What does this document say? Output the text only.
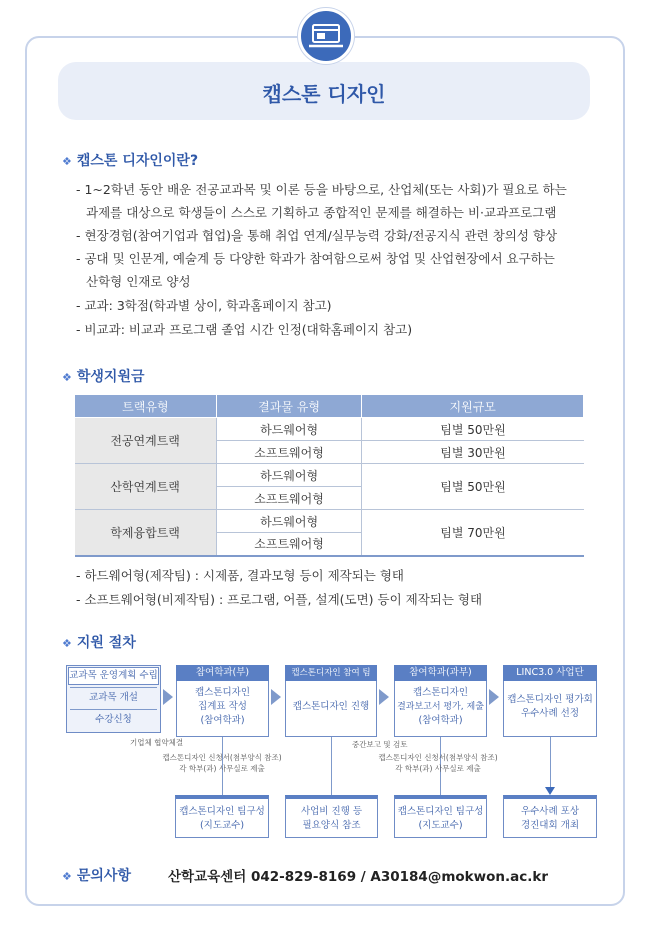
캡스톤 디자인
❖ 캡스톤 디자인이란?
- 1~2학년 동안 배운 전공교과목 및 이론 등을 바탕으로, 산업체(또는 사회)가 필요로 하는
과제를 대상으로 학생들이 스스로 기획하고 종합적인 문제를 해결하는 비·교과프로그램
- 현장경험(참여기업과 협업)을 통해 취업 연계/실무능력 강화/전공지식 관련 창의성 향상
- 공대 및 인문계, 예술계 등 다양한 학과가 참여함으로써 창업 및 산업현장에서 요구하는
산학형 인재로 양성
- 교과: 3학점(학과별 상이, 학과홈페이지 참고)
- 비교과: 비교과 프로그램 졸업 시간 인정(대학홈페이지 참고)
❖ 학생지원금
트랙유형	결과물 유형	지원규모
전공연계트랙	하드웨어형	팀별 50만원
	소프트웨어형	팀별 30만원
산학연계트랙	하드웨어형	팀별 50만원
	소프트웨어형	
학제융합트랙	하드웨어형	팀별 70만원
	소프트웨어형	
- 하드웨어형(제작팀) : 시제품, 결과모형 등이 제작되는 형태
- 소프트웨어형(비제작팀) : 프로그램, 어플, 설계(도면) 등이 제작되는 형태
❖ 지원 절차
교과목 운영계획 수립
교과목 개설
수강신청
참여학과(부)
캡스톤디자인
집계표 작성
(참여학과)
캡스톤디자인 참여 팀
캡스톤디자인 진행
참여학과(과부)
캡스톤디자인
결과보고서 평가, 제출
(참여학과)
LINC3.0 사업단
캡스톤디자인 평가회
우수사례 선정
기업체 협약체결
캡스톤디자인 신청서(첨부양식 참조)
각 학부(과) 사무실로 제출
중간보고 및 검토
캡스톤디자인 신청서(첨부양식 참조)
각 학부(과) 사무실로 제출
캡스톤디자인 팀구성
(지도교수)
사업비 진행 등
필요양식 참조
캡스톤디자인 팀구성
(지도교수)
우수사례 포상
경진대회 개최
❖ 문의사항	산학교육센터 042-829-8169 / A30184@mokwon.ac.kr
